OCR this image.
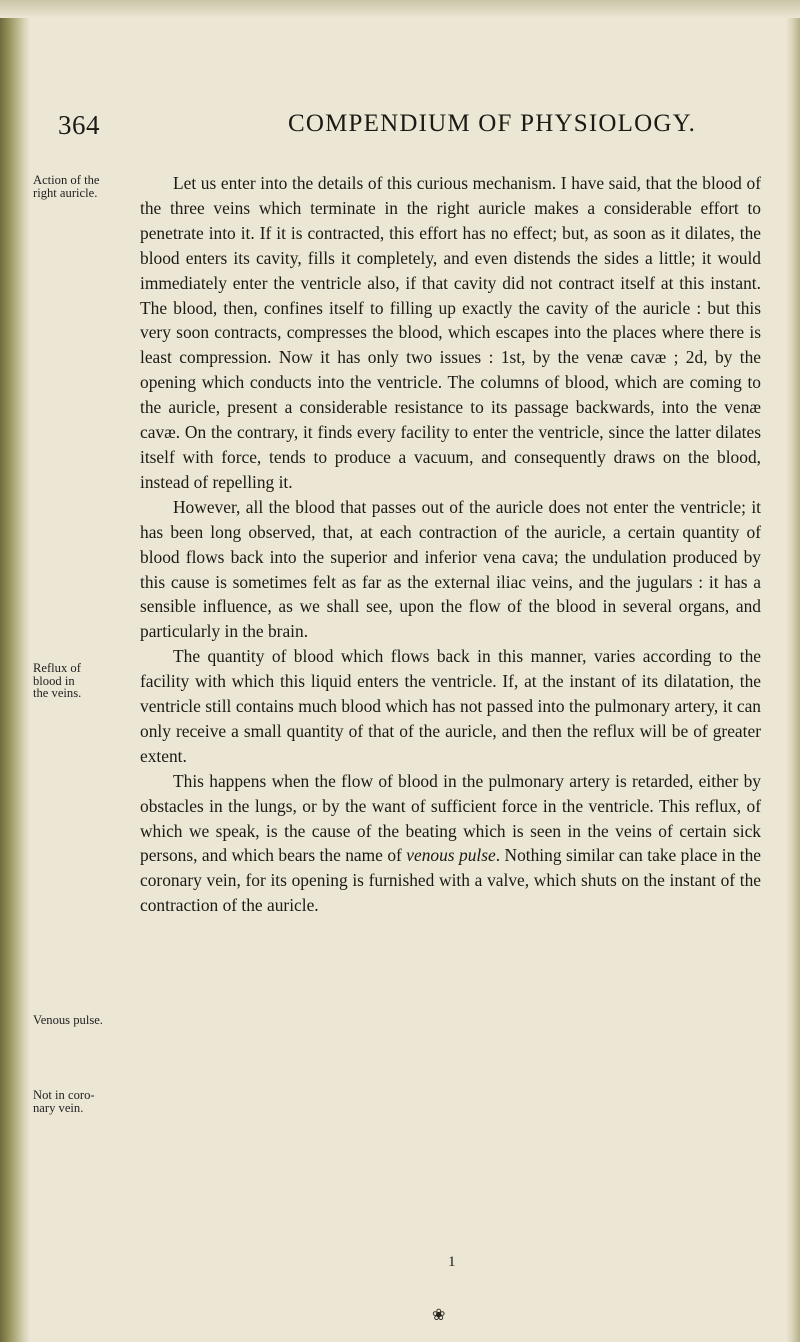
364	COMPENDIUM OF PHYSIOLOGY.
Action of the
right auricle.
Reflux of
blood in
the veins.
Venous pulse.
Not in coro-
nary vein.

Let us enter into the details of this curious mechanism. I have said, that the blood of the three veins which terminate in the right auricle makes a considerable effort to penetrate into it. If it is contracted, this effort has no effect; but, as soon as it dilates, the blood enters its cavity, fills it completely, and even distends the sides a little; it would immediately enter the ventricle also, if that cavity did not contract itself at this instant. The blood, then, confines itself to filling up exactly the cavity of the auricle : but this very soon contracts, compresses the blood, which escapes into the places where there is least compression. Now it has only two issues : 1st, by the venæ cavæ ; 2d, by the opening which conducts into the ventricle. The columns of blood, which are coming to the auricle, present a considerable resistance to its passage backwards, into the venæ cavæ. On the contrary, it finds every facility to enter the ventricle, since the latter dilates itself with force, tends to produce a vacuum, and consequently draws on the blood, instead of repelling it.

However, all the blood that passes out of the auricle does not enter the ventricle; it has been long observed, that, at each contraction of the auricle, a certain quantity of blood flows back into the superior and inferior vena cava; the undulation produced by this cause is sometimes felt as far as the external iliac veins, and the jugulars : it has a sensible influence, as we shall see, upon the flow of the blood in several organs, and particularly in the brain.

The quantity of blood which flows back in this manner, varies according to the facility with which this liquid enters the ventricle. If, at the instant of its dilatation, the ventricle still contains much blood which has not passed into the pulmonary artery, it can only receive a small quantity of that of the auricle, and then the reflux will be of greater extent.

This happens when the flow of blood in the pulmonary artery is retarded, either by obstacles in the lungs, or by the want of sufficient force in the ventricle. This reflux, of which we speak, is the cause of the beating which is seen in the veins of certain sick persons, and which bears the name of venous pulse. Nothing similar can take place in the coronary vein, for its opening is furnished with a valve, which shuts on the instant of the contraction of the auricle.

1
❀
